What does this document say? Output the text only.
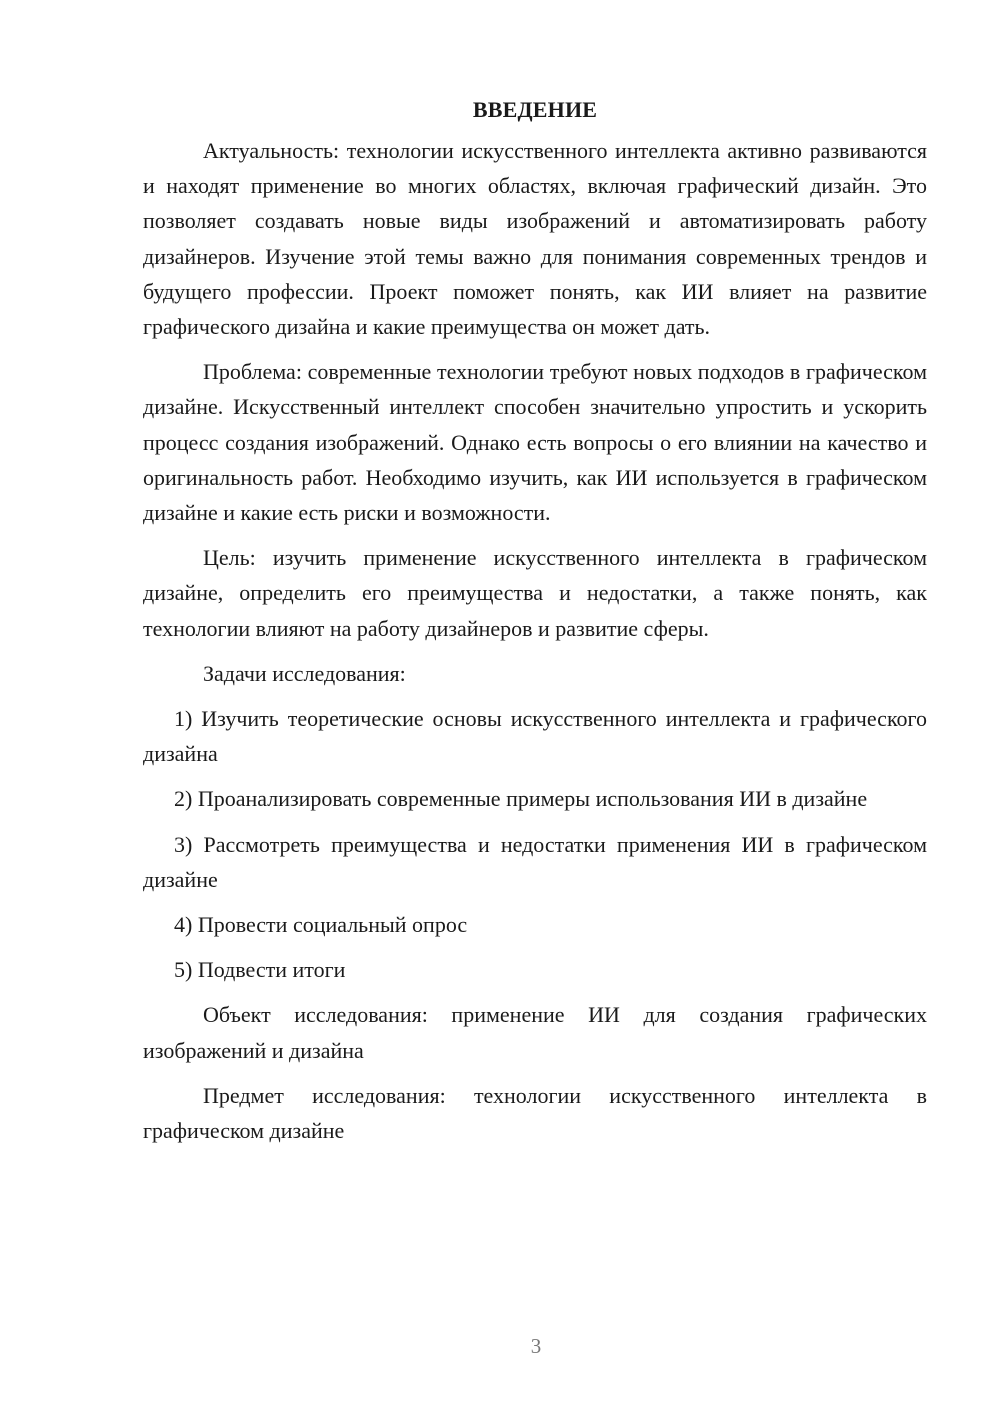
ВВЕДЕНИЕ

Актуальность: технологии искусственного интеллекта активно развиваются и находят применение во многих областях, включая графический дизайн. Это позволяет создавать новые виды изображений и автоматизировать работу дизайнеров. Изучение этой темы важно для понимания современных трендов и будущего профессии. Проект поможет понять, как ИИ влияет на развитие графического дизайна и какие преимущества он может дать.

Проблема: современные технологии требуют новых подходов в графическом дизайне. Искусственный интеллект способен значительно упростить и ускорить процесс создания изображений. Однако есть вопросы о его влиянии на качество и оригинальность работ. Необходимо изучить, как ИИ используется в графическом дизайне и какие есть риски и возможности.

Цель: изучить применение искусственного интеллекта в графическом дизайне, определить его преимущества и недостатки, а также понять, как технологии влияют на работу дизайнеров и развитие сферы.

Задачи исследования:

1) Изучить теоретические основы искусственного интеллекта и графического дизайна

2) Проанализировать современные примеры использования ИИ в дизайне

3) Рассмотреть преимущества и недостатки применения ИИ в графическом дизайне

4) Провести социальный опрос

5) Подвести итоги

Объект исследования: применение ИИ для создания графических изображений и дизайна

Предмет исследования: технологии искусственного интеллекта в графическом дизайне

3
